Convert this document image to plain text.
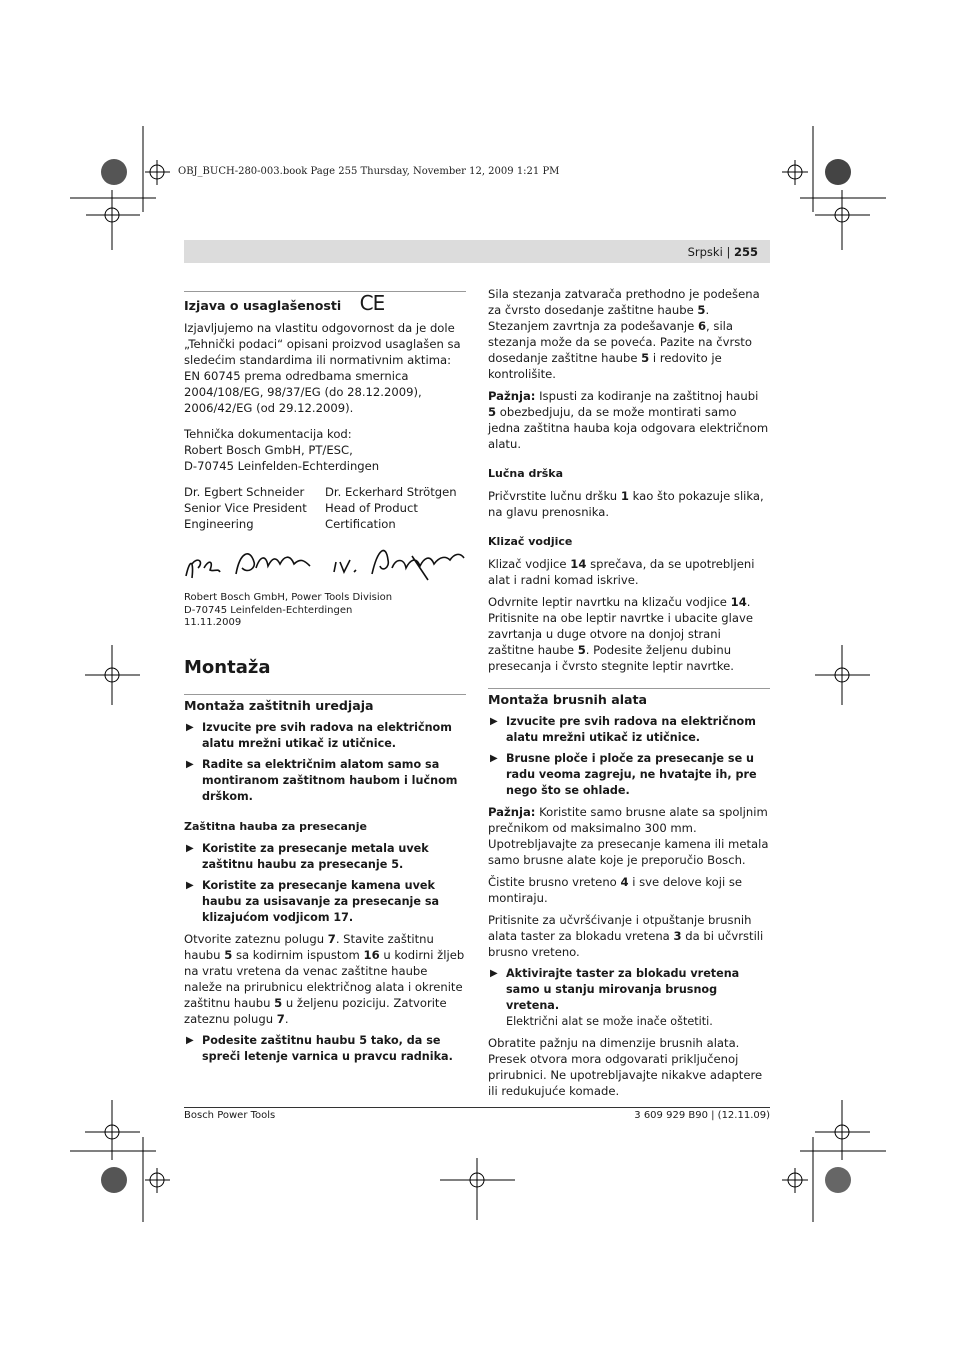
OBJ_BUCH-280-003.book Page 255 Thursday, November 12, 2009 1:21 PM
Srpski | 255
Izjava o usaglašenosti CE

Izjavljujemo na vlastitu odgovornost da je dole „Tehnički podaci“ opisani proizvod usaglašen sa sledećim standardima ili normativnim aktima: EN 60745 prema odredbama smernica 2004/108/EG, 98/37/EG (do 28.12.2009), 2006/42/EG (od 29.12.2009).

Tehnička dokumentacija kod:
Robert Bosch GmbH, PT/ESC,
D-70745 Leinfelden-Echterdingen

Dr. Egbert Schneider
Senior Vice President
Engineering
Dr. Eckerhard Strötgen
Head of Product
Certification
Robert Bosch GmbH, Power Tools Division
D-70745 Leinfelden-Echterdingen
11.11.2009
Montaža
Montaža zaštitnih uredjaja
▶ Izvucite pre svih radova na električnom alatu mrežni utikač iz utičnice.
▶ Radite sa električnim alatom samo sa montiranom zaštitnom haubom i lučnom drškom.
Zaštitna hauba za presecanje
▶ Koristite za presecanje metala uvek zaštitnu haubu za presecanje 5.
▶ Koristite za presecanje kamena uvek haubu za usisavanje za presecanje sa klizajućom vodjicom 17.

Otvorite zateznu polugu 7. Stavite zaštitnu haubu 5 sa kodirnim ispustom 16 u kodirni žljeb na vratu vretena da venac zaštitne haube naleže na prirubnicu električnog alata i okrenite zaštitnu haubu 5 u željenu poziciju. Zatvorite zateznu polugu 7.

▶ Podesite zaštitnu haubu 5 tako, da se spreči letenje varnica u pravcu radnika.

Sila stezanja zatvarača prethodno je podešena za čvrsto dosedanje zaštitne haube 5. Stezanjem zavrtnja za podešavanje 6, sila stezanja može da se poveća. Pazite na čvrsto dosedanje zaštitne haube 5 i redovito je kontrolišite.

Pažnja: Ispusti za kodiranje na zaštitnoj haubi 5 obezbedjuju, da se može montirati samo jedna zaštitna hauba koja odgovara električnom alatu.

Lučna drška

Pričvrstite lučnu dršku 1 kao što pokazuje slika, na glavu prenosnika.

Klizač vodjice

Klizač vodjice 14 sprečava, da se upotrebljeni alat i radni komad iskrive.

Odvrnite leptir navrtku na klizaču vodjice 14. Pritisnite na obe leptir navrtke i ubacite glave zavrtanja u duge otvore na donjoj strani zaštitne haube 5. Podesite željenu dubinu presecanja i čvrsto stegnite leptir navrtke.

Montaža brusnih alata
▶ Izvucite pre svih radova na električnom alatu mrežni utikač iz utičnice.
▶ Brusne ploče i ploče za presecanje se u radu veoma zagreju, ne hvatajte ih, pre nego što se ohlade.

Pažnja: Koristite samo brusne alate sa spoljnim prečnikom od maksimalno 300 mm. Upotrebljavajte za presecanje kamena ili metala samo brusne alate koje je preporučio Bosch.

Čistite brusno vreteno 4 i sve delove koji se montiraju.

Pritisnite za učvršćivanje i otpuštanje brusnih alata taster za blokadu vretena 3 da bi učvrstili brusno vreteno.

▶ Aktivirajte taster za blokadu vretena samo u stanju mirovanja brusnog vretena.
Električni alat se može inače oštetiti.

Obratite pažnju na dimenzije brusnih alata. Presek otvora mora odgovarati priključenoj prirubnici. Ne upotrebljavajte nikakve adaptere ili redukujuće komade.

Bosch Power Tools	3 609 929 B90 | (12.11.09)
